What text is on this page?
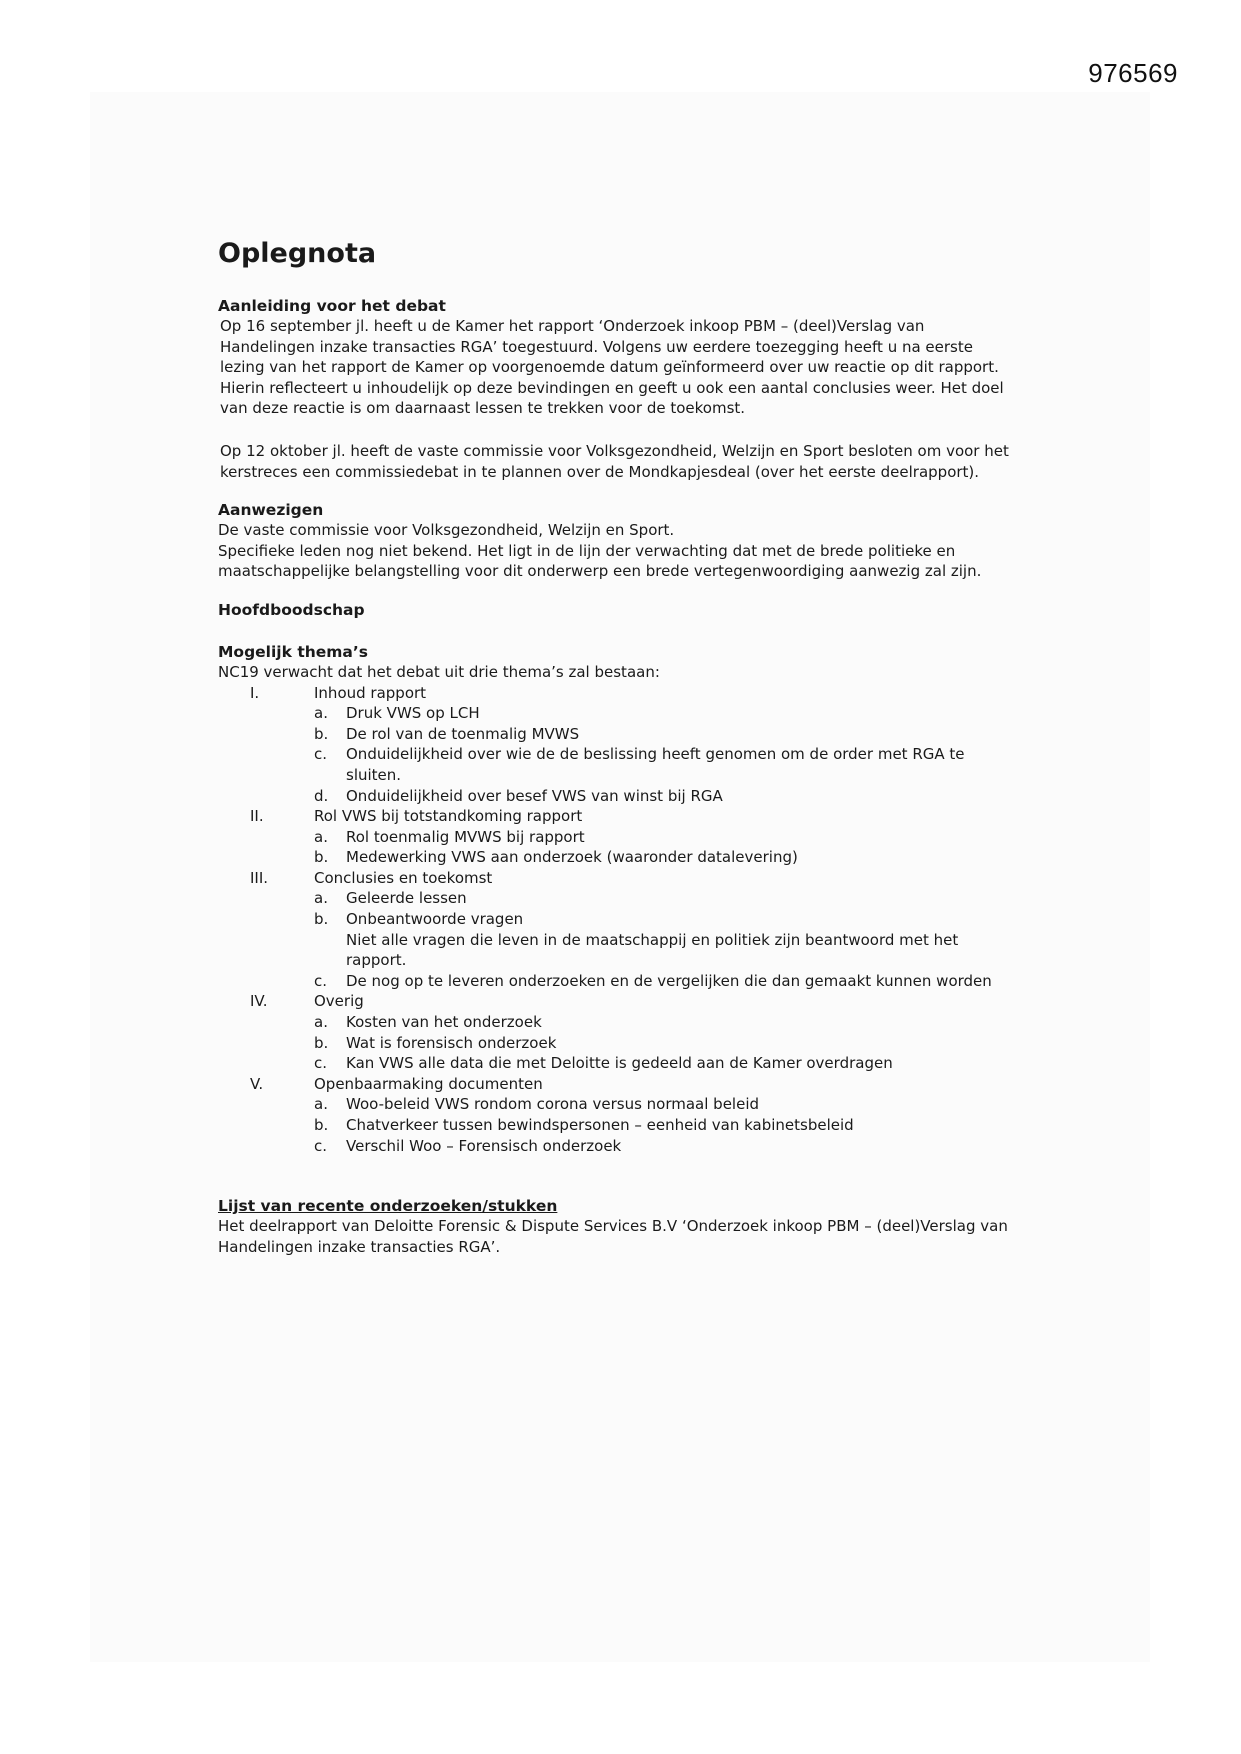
976569
Oplegnota

Aanleiding voor het debat

Op 16 september jl. heeft u de Kamer het rapport ‘Onderzoek inkoop PBM – (deel)Verslag van Handelingen inzake transacties RGA’ toegestuurd. Volgens uw eerdere toezegging heeft u na eerste lezing van het rapport de Kamer op voorgenoemde datum geïnformeerd over uw reactie op dit rapport. Hierin reflecteert u inhoudelijk op deze bevindingen en geeft u ook een aantal conclusies weer. Het doel van deze reactie is om daarnaast lessen te trekken voor de toekomst.

Op 12 oktober jl. heeft de vaste commissie voor Volksgezondheid, Welzijn en Sport besloten om voor het kerstreces een commissiedebat in te plannen over de Mondkapjesdeal (over het eerste deelrapport).

Aanwezigen

De vaste commissie voor Volksgezondheid, Welzijn en Sport.

Specifieke leden nog niet bekend. Het ligt in de lijn der verwachting dat met de brede politieke en maatschappelijke belangstelling voor dit onderwerp een brede vertegenwoordiging aanwezig zal zijn.

Hoofdboodschap

Mogelijk thema’s

NC19 verwacht dat het debat uit drie thema’s zal bestaan:

I.	Inhoud rapport
a.	Druk VWS op LCH
b.	De rol van de toenmalig MVWS
c.	Onduidelijkheid over wie de de beslissing heeft genomen om de order met RGA te sluiten.
d.	Onduidelijkheid over besef VWS van winst bij RGA
II.	Rol VWS bij totstandkoming rapport
a.	Rol toenmalig MVWS bij rapport
b.	Medewerking VWS aan onderzoek (waaronder datalevering)
III.	Conclusies en toekomst
a.	Geleerde lessen
b.	Onbeantwoorde vragen
Niet alle vragen die leven in de maatschappij en politiek zijn beantwoord met het rapport.
c.	De nog op te leveren onderzoeken en de vergelijken die dan gemaakt kunnen worden
IV.	Overig
a.	Kosten van het onderzoek
b.	Wat is forensisch onderzoek
c.	Kan VWS alle data die met Deloitte is gedeeld aan de Kamer overdragen
V.	Openbaarmaking documenten
a.	Woo-beleid VWS rondom corona versus normaal beleid
b.	Chatverkeer tussen bewindspersonen – eenheid van kabinetsbeleid
c.	Verschil Woo – Forensisch onderzoek

Lijst van recente onderzoeken/stukken

Het deelrapport van Deloitte Forensic & Dispute Services B.V ‘Onderzoek inkoop PBM – (deel)Verslag van Handelingen inzake transacties RGA’.
